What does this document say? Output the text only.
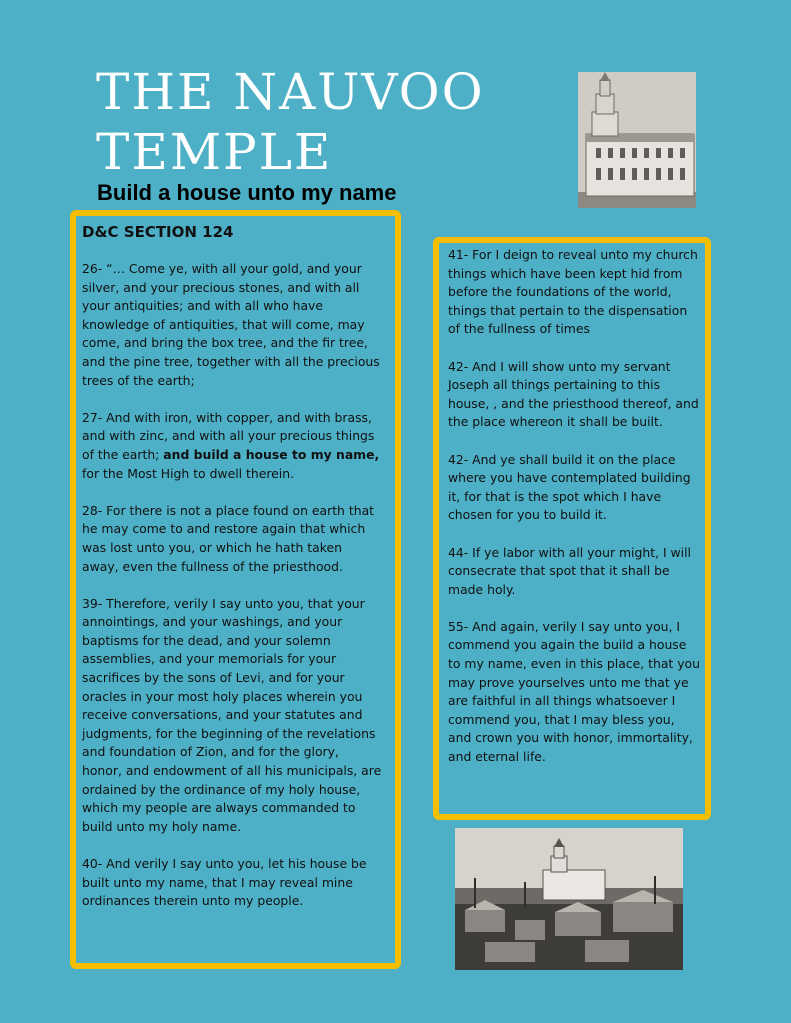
THE NAUVOO
TEMPLE
Build a house unto my name
D&C SECTION 124

26- “… Come ye, with all your gold, and your silver, and your precious stones, and with all your antiquities; and with all who have knowledge of antiquities, that will come, may come, and bring the box tree, and the fir tree, and the pine tree, together with all the precious trees of the earth;

27- And with iron, with copper, and with brass, and with zinc, and with all your precious things of the earth; and build a house to my name, for the Most High to dwell therein.

28- For there is not a place found on earth that he may come to and restore again that which was lost unto you, or which he hath taken away, even the fullness of the priesthood.

39- Therefore, verily I say unto you, that your annointings, and your washings, and your baptisms for the dead, and your solemn assemblies, and your memorials for your sacrifices by the sons of Levi, and for your oracles in your most holy places wherein you receive conversations, and your statutes and judgments, for the beginning of the revelations and foundation of Zion, and for the glory, honor, and endowment of all his municipals, are ordained by the ordinance of my holy house, which my people are always commanded to build unto my holy name.

40- And verily I say unto you, let his house be built unto my name, that I may reveal mine ordinances therein unto my people.

41- For I deign to reveal unto my church things which have been kept hid from before the foundations of the world, things that pertain to the dispensation of the fullness of times

42- And I will show unto my servant Joseph all things pertaining to this house, , and the priesthood thereof, and the place whereon it shall be built.

42- And ye shall build it on the place where you have contemplated building it, for that is the spot which I have chosen for you to build it.

44- If ye labor with all your might, I will consecrate that spot that it shall be made holy.

55- And again, verily I say unto you, I commend you again the build a house to my name, even in this place, that you may prove yourselves unto me that ye are faithful in all things whatsoever I commend you, that I may bless you, and crown you with honor, immortality, and eternal life.
